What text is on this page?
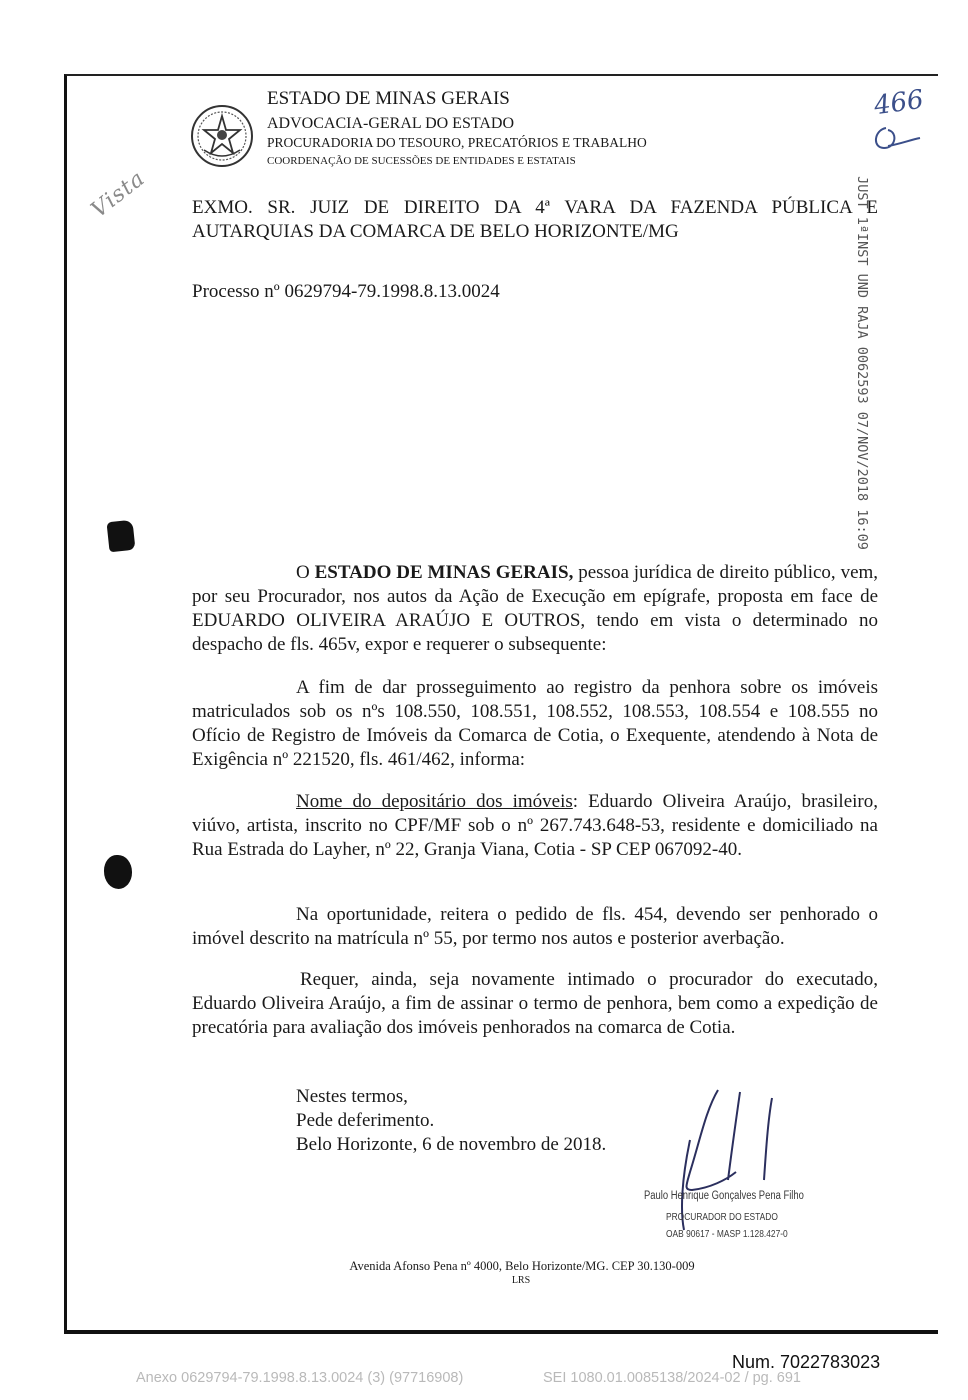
ESTADO DE MINAS GERAIS
ADVOCACIA-GERAL DO ESTADO
PROCURADORIA DO TESOURO, PRECATÓRIOS E TRABALHO
COORDENAÇÃO DE SUCESSÕES DE ENTIDADES E ESTATAIS
466
Vista	JUST 1ªINST UND RAJA 0062593 07/NOV/2018 16:09
EXMO. SR. JUIZ DE DIREITO DA 4ª VARA DA FAZENDA PÚBLICA E
AUTARQUIAS DA COMARCA DE BELO HORIZONTE/MG
Processo nº 0629794-79.1998.8.13.0024

O ESTADO DE MINAS GERAIS, pessoa jurídica de direito público, vem, por seu Procurador, nos autos da Ação de Execução em epígrafe, proposta em face de EDUARDO OLIVEIRA ARAÚJO E OUTROS, tendo em vista o determinado no despacho de fls. 465v, expor e requerer o subsequente:

A fim de dar prosseguimento ao registro da penhora sobre os imóveis matriculados sob os nºs 108.550, 108.551, 108.552, 108.553, 108.554 e 108.555 no Ofício de Registro de Imóveis da Comarca de Cotia, o Exequente, atendendo à Nota de Exigência nº 221520, fls. 461/462, informa:

Nome do depositário dos imóveis: Eduardo Oliveira Araújo, brasileiro, viúvo, artista, inscrito no CPF/MF sob o nº 267.743.648-53, residente e domiciliado na Rua Estrada do Layher, nº 22, Granja Viana, Cotia - SP CEP 067092-40.

Na oportunidade, reitera o pedido de fls. 454, devendo ser penhorado o imóvel descrito na matrícula nº 55, por termo nos autos e posterior averbação.

Requer, ainda, seja novamente intimado o procurador do executado, Eduardo Oliveira Araújo, a fim de assinar o termo de penhora, bem como a expedição de precatória para avaliação dos imóveis penhorados na comarca de Cotia.

Nestes termos,
Pede deferimento.
Belo Horizonte, 6 de novembro de 2018.
Paulo Henrique Gonçalves Pena Filho
PROCURADOR DO ESTADO
OAB 90617 - MASP 1.128.427-0
Avenida Afonso Pena nº 4000, Belo Horizonte/MG. CEP 30.130-009
LRS
Num. 7022783023
Anexo 0629794-79.1998.8.13.0024 (3) (97716908)	SEI 1080.01.0085138/2024-02 / pg. 691
